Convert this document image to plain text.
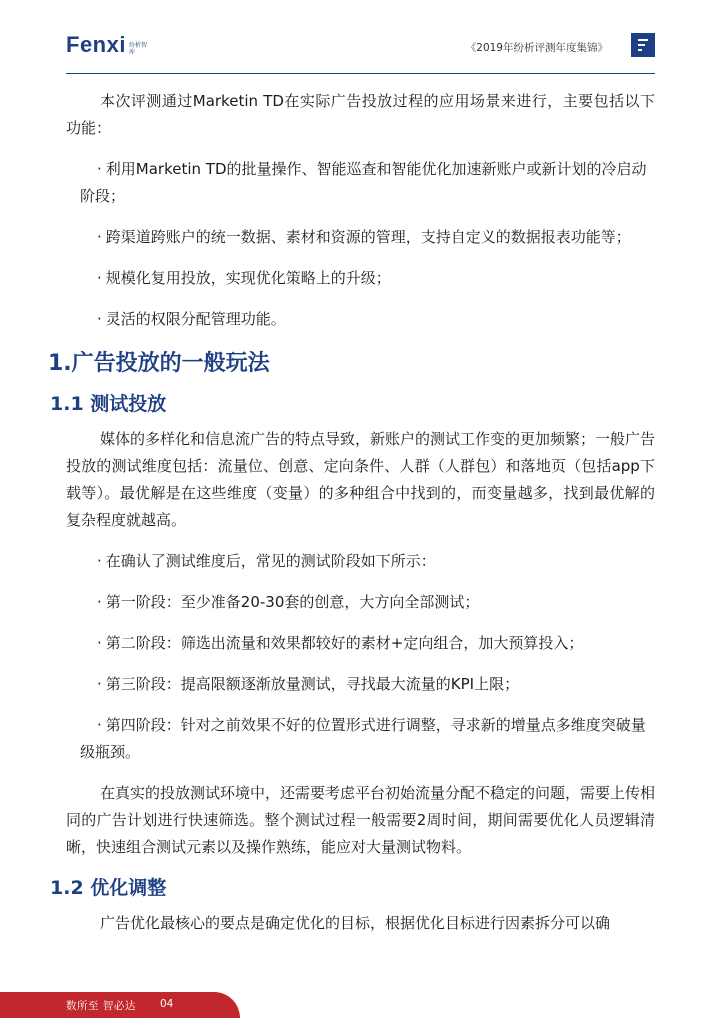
Fenxi 纷析智库	《2019年纷析评测年度集锦》

本次评测通过Marketin TD在实际广告投放过程的应用场景来进行，主要包括以下功能：

· 利用Marketin TD的批量操作、智能巡查和智能优化加速新账户或新计划的冷启动阶段；

· 跨渠道跨账户的统一数据、素材和资源的管理，支持自定义的数据报表功能等；

· 规模化复用投放，实现优化策略上的升级；

· 灵活的权限分配管理功能。

1.广告投放的一般玩法
1.1 测试投放

媒体的多样化和信息流广告的特点导致，新账户的测试工作变的更加频繁；一般广告投放的测试维度包括：流量位、创意、定向条件、人群（人群包）和落地页（包括app下载等）。最优解是在这些维度（变量）的多种组合中找到的，而变量越多，找到最优解的复杂程度就越高。

· 在确认了测试维度后，常见的测试阶段如下所示：

· 第一阶段：至少准备20-30套的创意，大方向全部测试；

· 第二阶段：筛选出流量和效果都较好的素材+定向组合，加大预算投入；

· 第三阶段：提高限额逐渐放量测试，寻找最大流量的KPI上限；

· 第四阶段：针对之前效果不好的位置形式进行调整，寻求新的增量点多维度突破量级瓶颈。

在真实的投放测试环境中，还需要考虑平台初始流量分配不稳定的问题，需要上传相同的广告计划进行快速筛选。整个测试过程一般需要2周时间，期间需要优化人员逻辑清晰，快速组合测试元素以及操作熟练，能应对大量测试物料。

1.2 优化调整

广告优化最核心的要点是确定优化的目标，根据优化目标进行因素拆分可以确

数所至 智必达 04
